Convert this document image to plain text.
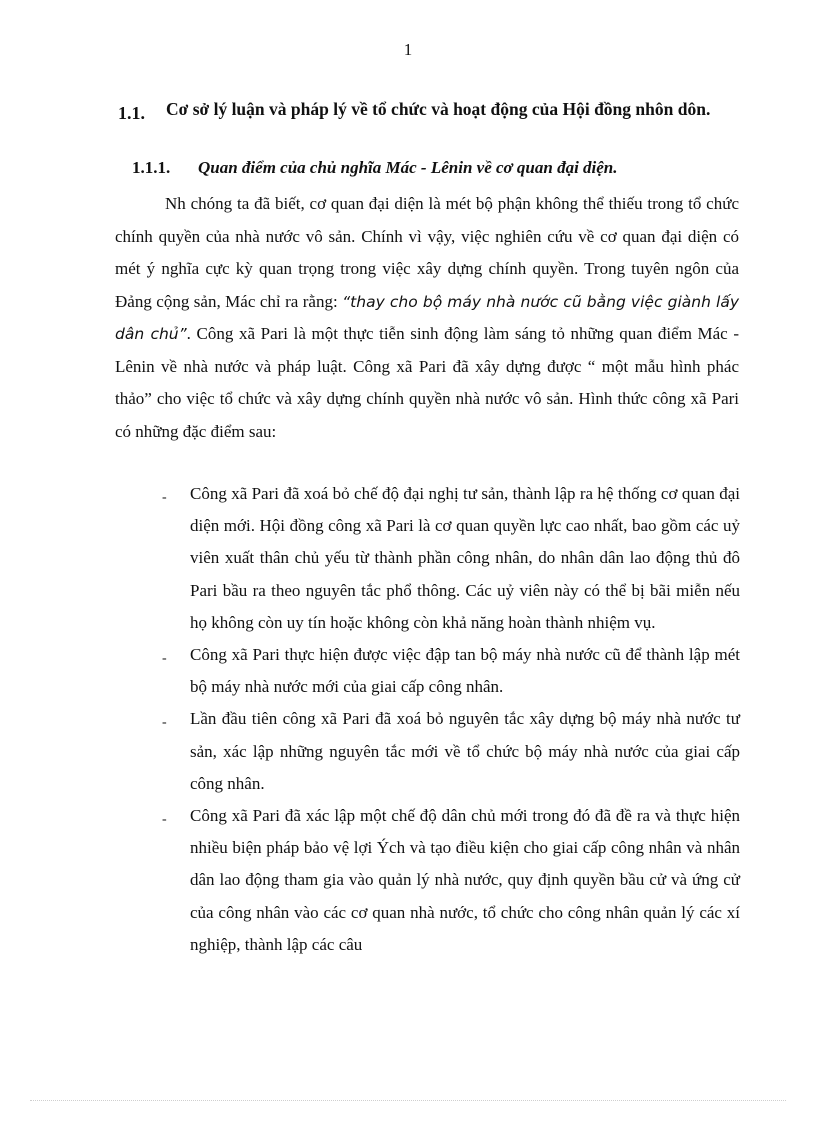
1
1.1. Cơ sở lý luận và pháp lý về tổ chức và hoạt động của Hội đồng nhôn dôn.
1.1.1. Quan điểm của chủ nghĩa Mác - Lênin về cơ quan đại diện.
Nh chóng ta đã biết, cơ quan đại diện là mét bộ phận không thể thiếu trong tổ chức chính quyền của nhà nước vô sản. Chính vì vậy, việc nghiên cứu về cơ quan đại diện có mét ý nghĩa cực kỳ quan trọng trong việc xây dựng chính quyền. Trong tuyên ngôn của Đảng cộng sản, Mác chỉ ra rằng: “thay cho bộ máy nhà nước cũ bằng việc giành lấy dân chủ”. Công xã Pari là một thực tiễn sinh động làm sáng tỏ những quan điểm Mác - Lênin về nhà nước và pháp luật. Công xã Pari đã xây dựng được “ một mẫu hình phác thảo” cho việc tổ chức và xây dựng chính quyền nhà nước vô sản. Hình thức công xã Pari có những đặc điểm sau:
- Công xã Pari đã xoá bỏ chế độ đại nghị tư sản, thành lập ra hệ thống cơ quan đại diện mới. Hội đồng công xã Pari là cơ quan quyền lực cao nhất, bao gồm các uỷ viên xuất thân chủ yếu từ thành phần công nhân, do nhân dân lao động thủ đô Pari bầu ra theo nguyên tắc phổ thông. Các uỷ viên này có thể bị bãi miễn nếu họ không còn uy tín hoặc không còn khả năng hoàn thành nhiệm vụ.
- Công xã Pari thực hiện được việc đập tan bộ máy nhà nước cũ để thành lập mét bộ máy nhà nước mới của giai cấp công nhân.
- Lần đầu tiên công xã Pari đã xoá bỏ nguyên tắc xây dựng bộ máy nhà nước tư sản, xác lập những nguyên tắc mới về tổ chức bộ máy nhà nước của giai cấp công nhân.
- Công xã Pari đã xác lập một chế độ dân chủ mới trong đó đã đề ra và thực hiện nhiều biện pháp bảo vệ lợi Ých và tạo điều kiện cho giai cấp công nhân và nhân dân lao động tham gia vào quản lý nhà nước, quy định quyền bầu cử và ứng cử của công nhân vào các cơ quan nhà nước, tổ chức cho công nhân quản lý các xí nghiệp, thành lập các câu
